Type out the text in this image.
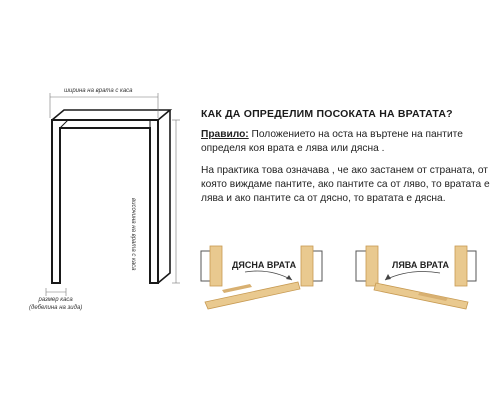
ДЯСНА ВРАТА	ЛЯВА ВРАТА
ширина на врата с каса
височина на врата с каса
размер каса
(дебелина на зида)
КАК ДА ОПРЕДЕЛИМ ПОСОКАТА НА ВРАТАТА?
Правило: Положението на оста на въртене на пантите определя коя врата е лява или дясна .
На практика това означава , че ако застанем от страната, от която виждаме пантите, ако пантите са от ляво, то вратата е лява и ако пантите са от дясно, то вратата е дясна.
